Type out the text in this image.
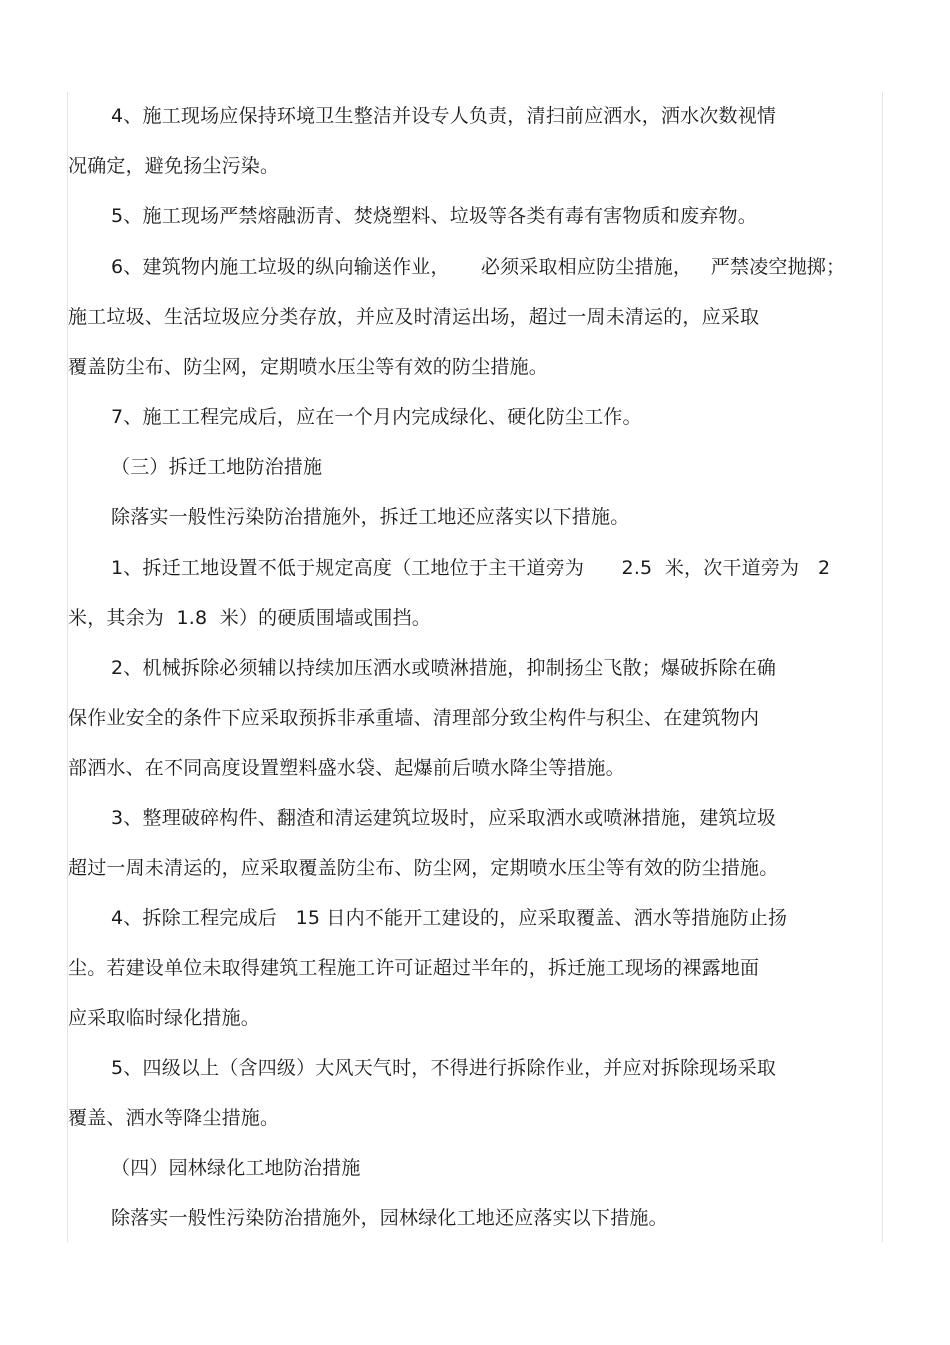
4、施工现场应保持环境卫生整洁并设专人负责，清扫前应洒水，洒水次数视情
况确定，避免扬尘污染。
5、施工现场严禁熔融沥青、焚烧塑料、垃圾等各类有毒有害物质和废弃物。
6、建筑物内施工垃圾的纵向输送作业，     必须采取相应防尘措施，   严禁凌空抛掷；
施工垃圾、生活垃圾应分类存放，并应及时清运出场，超过一周未清运的，应采取
覆盖防尘布、防尘网，定期喷水压尘等有效的防尘措施。
7、施工工程完成后，应在一个月内完成绿化、硬化防尘工作。
（三）拆迁工地防治措施
除落实一般性污染防治措施外，拆迁工地还应落实以下措施。
1、拆迁工地设置不低于规定高度（工地位于主干道旁为      2.5  米，次干道旁为   2
米，其余为  1.8  米）的硬质围墙或围挡。
2、机械拆除必须辅以持续加压洒水或喷淋措施，抑制扬尘飞散；爆破拆除在确
保作业安全的条件下应采取预拆非承重墙、清理部分致尘构件与积尘、在建筑物内
部洒水、在不同高度设置塑料盛水袋、起爆前后喷水降尘等措施。
3、整理破碎构件、翻渣和清运建筑垃圾时，应采取洒水或喷淋措施，建筑垃圾
超过一周未清运的，应采取覆盖防尘布、防尘网，定期喷水压尘等有效的防尘措施。
4、拆除工程完成后   15 日内不能开工建设的，应采取覆盖、洒水等措施防止扬
尘。若建设单位未取得建筑工程施工许可证超过半年的，拆迁施工现场的裸露地面
应采取临时绿化措施。
5、四级以上（含四级）大风天气时，不得进行拆除作业，并应对拆除现场采取
覆盖、洒水等降尘措施。
（四）园林绿化工地防治措施
除落实一般性污染防治措施外，园林绿化工地还应落实以下措施。
